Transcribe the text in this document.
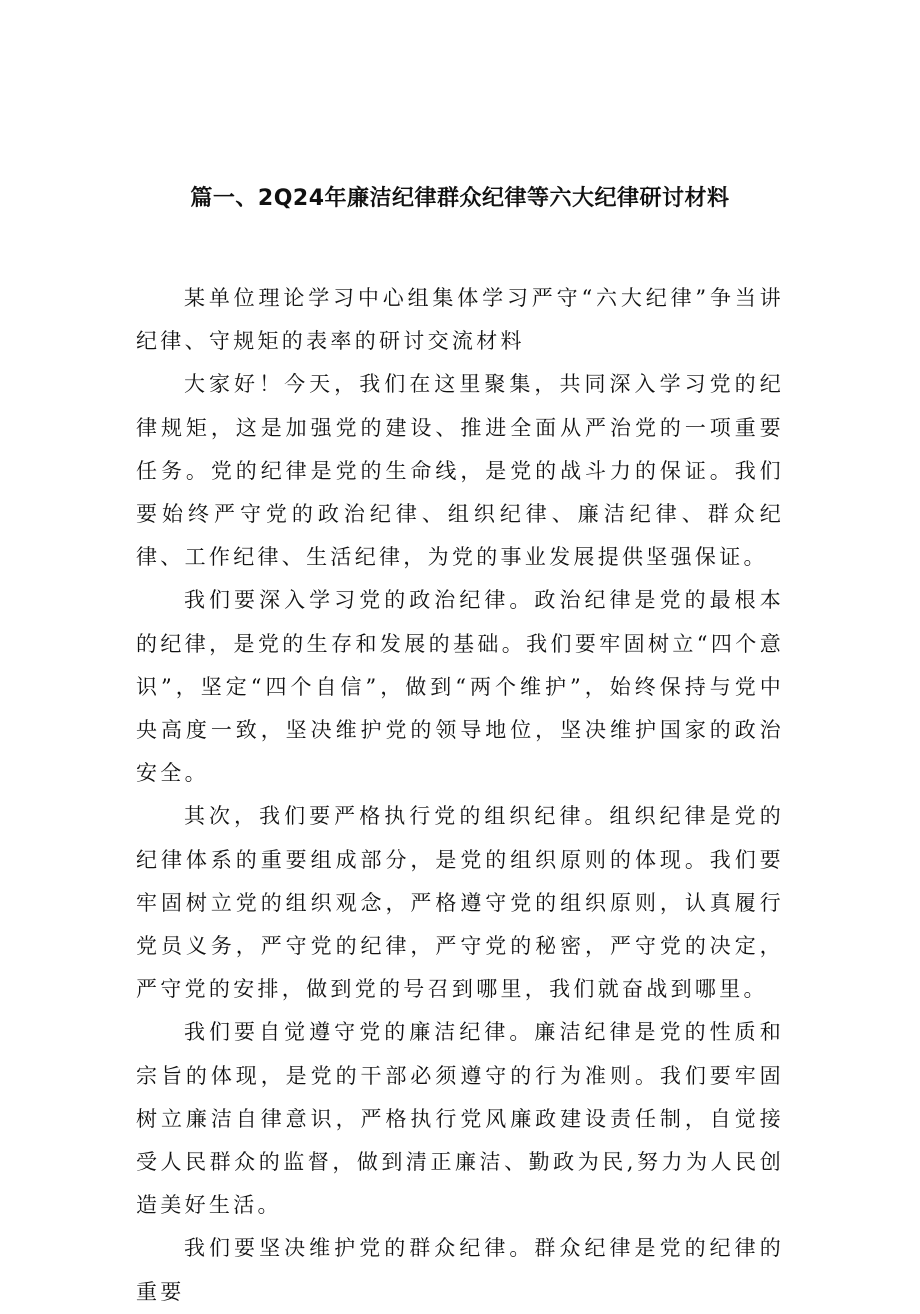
篇一、2Q24年廉洁纪律群众纪律等六大纪律研讨材料

某单位理论学习中心组集体学习严守“六大纪律”争当讲纪律、守规矩的表率的研讨交流材料

大家好！今天，我们在这里聚集，共同深入学习党的纪律规矩，这是加强党的建设、推进全面从严治党的一项重要任务。党的纪律是党的生命线，是党的战斗力的保证。我们要始终严守党的政治纪律、组织纪律、廉洁纪律、群众纪律、工作纪律、生活纪律，为党的事业发展提供坚强保证。

我们要深入学习党的政治纪律。政治纪律是党的最根本的纪律，是党的生存和发展的基础。我们要牢固树立“四个意识”，坚定“四个自信”，做到“两个维护”，始终保持与党中央高度一致，坚决维护党的领导地位，坚决维护国家的政治安全。

其次，我们要严格执行党的组织纪律。组织纪律是党的纪律体系的重要组成部分，是党的组织原则的体现。我们要牢固树立党的组织观念，严格遵守党的组织原则，认真履行党员义务，严守党的纪律，严守党的秘密，严守党的决定，严守党的安排，做到党的号召到哪里，我们就奋战到哪里。

我们要自觉遵守党的廉洁纪律。廉洁纪律是党的性质和宗旨的体现，是党的干部必须遵守的行为准则。我们要牢固树立廉洁自律意识，严格执行党风廉政建设责任制，自觉接受人民群众的监督，做到清正廉洁、勤政为民,努力为人民创造美好生活。

我们要坚决维护党的群众纪律。群众纪律是党的纪律的重要
